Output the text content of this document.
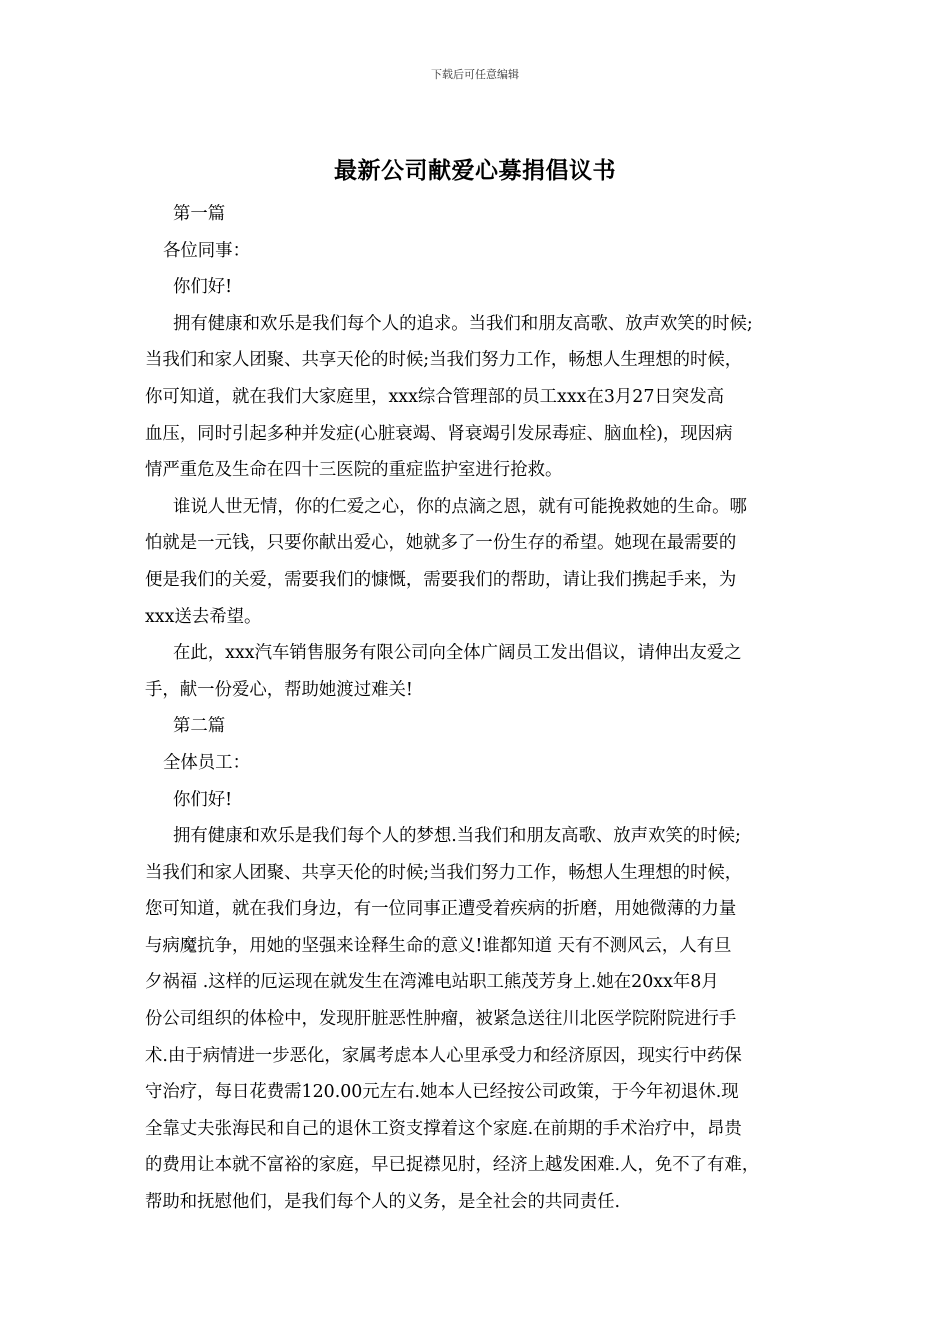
下载后可任意编辑
最新公司献爱心募捐倡议书
第一篇
各位同事：
你们好!
拥有健康和欢乐是我们每个人的追求。当我们和朋友高歌、放声欢笑的时候;
当我们和家人团聚、共享天伦的时候;当我们努力工作，畅想人生理想的时候，
你可知道，就在我们大家庭里，xxx综合管理部的员工xxx在3月27日突发高
血压，同时引起多种并发症(心脏衰竭、肾衰竭引发尿毒症、脑血栓)，现因病
情严重危及生命在四十三医院的重症监护室进行抢救。
谁说人世无情，你的仁爱之心，你的点滴之恩，就有可能挽救她的生命。哪
怕就是一元钱，只要你献出爱心，她就多了一份生存的希望。她现在最需要的
便是我们的关爱，需要我们的慷慨，需要我们的帮助，请让我们携起手来，为
xxx送去希望。
在此，xxx汽车销售服务有限公司向全体广阔员工发出倡议，请伸出友爱之
手，献一份爱心，帮助她渡过难关!
第二篇
全体员工：
你们好!
拥有健康和欢乐是我们每个人的梦想.当我们和朋友高歌、放声欢笑的时候;
当我们和家人团聚、共享天伦的时候;当我们努力工作，畅想人生理想的时候，
您可知道，就在我们身边，有一位同事正遭受着疾病的折磨，用她微薄的力量
与病魔抗争，用她的坚强来诠释生命的意义!谁都知道 天有不测风云，人有旦
夕祸福 .这样的厄运现在就发生在湾滩电站职工熊茂芳身上.她在20xx年8月
份公司组织的体检中，发现肝脏恶性肿瘤，被紧急送往川北医学院附院进行手
术.由于病情进一步恶化，家属考虑本人心里承受力和经济原因，现实行中药保
守治疗，每日花费需120.00元左右.她本人已经按公司政策，于今年初退休.现
全靠丈夫张海民和自己的退休工资支撑着这个家庭.在前期的手术治疗中，昂贵
的费用让本就不富裕的家庭，早已捉襟见肘，经济上越发困难.人，免不了有难，
帮助和抚慰他们，是我们每个人的义务，是全社会的共同责任.
